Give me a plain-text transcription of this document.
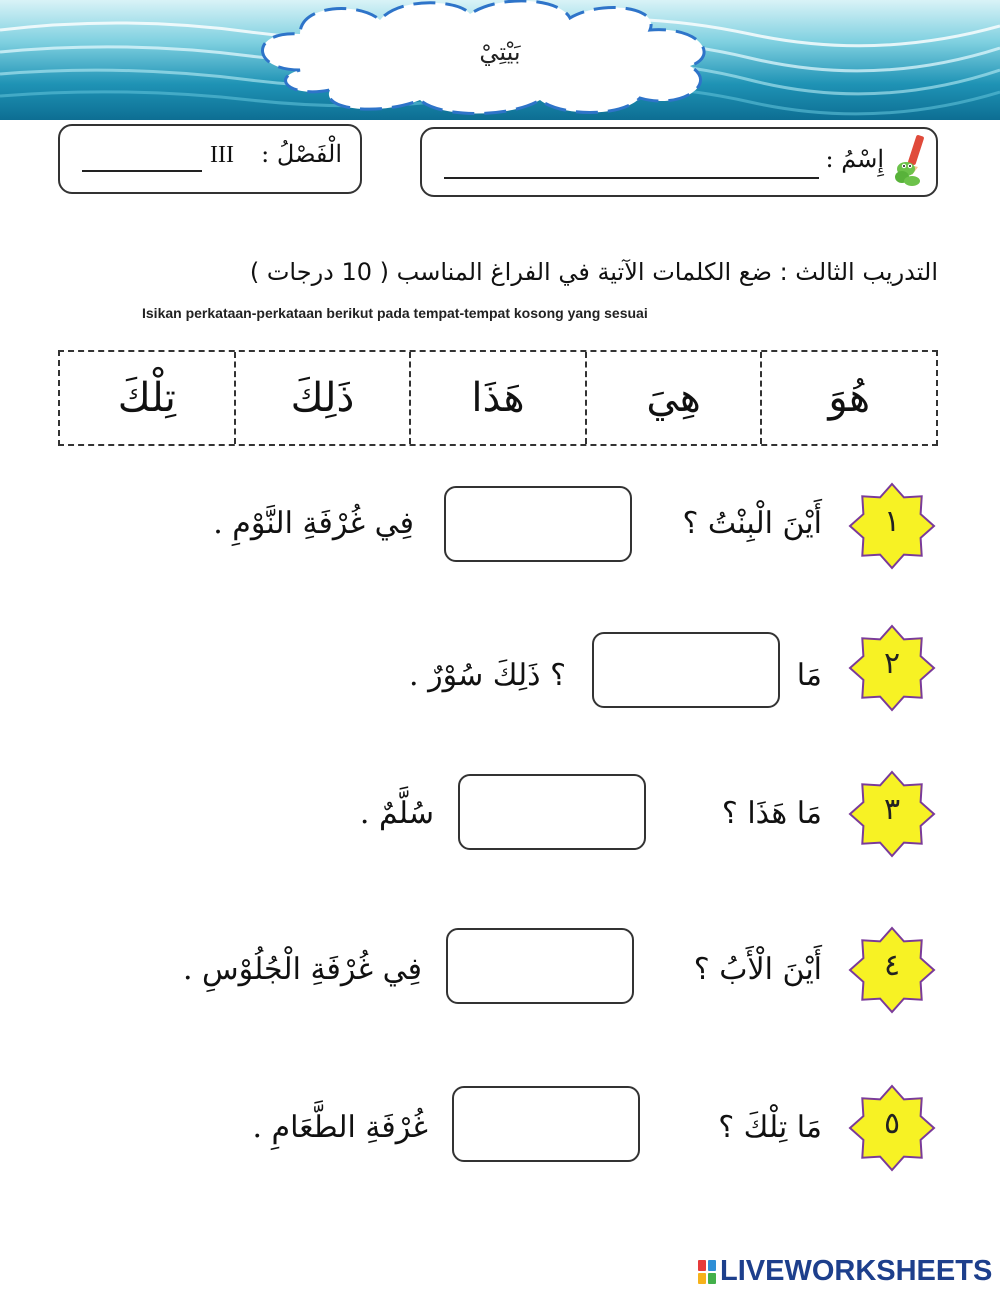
بَيْتِيْ
الْفَصْلُ :
III	إِسْمُ :
التدريب الثالث : ضع الكلمات الآتية في الفراغ المناسب ( 10 درجات )
Isikan perkataan-perkataan berikut pada tempat-tempat kosong yang sesuai
هُوَ
هِيَ
هَذَا
ذَلِكَ
تِلْكَ
١
أَيْنَ الْبِنْتُ ؟
فِي غُرْفَةِ النَّوْمِ .
٢
مَا
؟ ذَلِكَ سُوْرٌ .
٣
مَا هَذَا ؟
سُلَّمٌ .
٤
أَيْنَ الْأَبُ ؟
فِي غُرْفَةِ الْجُلُوْسِ .
٥
مَا تِلْكَ ؟
غُرْفَةِ الطَّعَامِ .
LIVEWORKSHEETS
